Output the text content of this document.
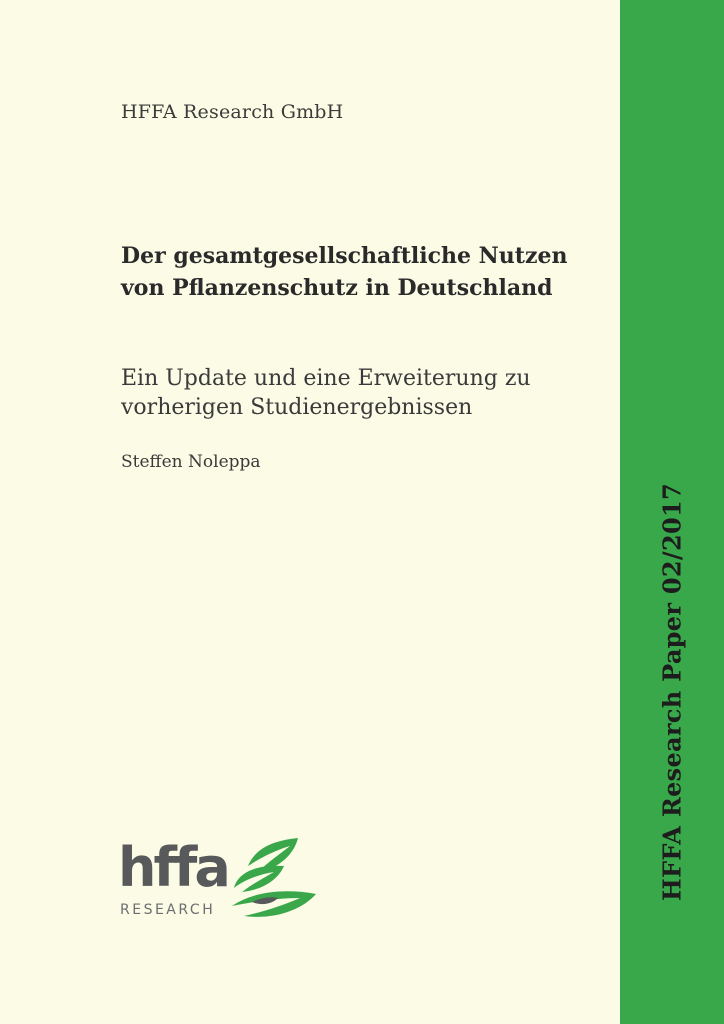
HFFA Research GmbH
Der gesamtgesellschaftliche Nutzen von Pflanzenschutz in Deutschland

Ein Update und eine Erweiterung zu vorherigen Studienergebnissen

Steffen Noleppa
hffa
RESEARCH
HFFA Research Paper 02/2017
